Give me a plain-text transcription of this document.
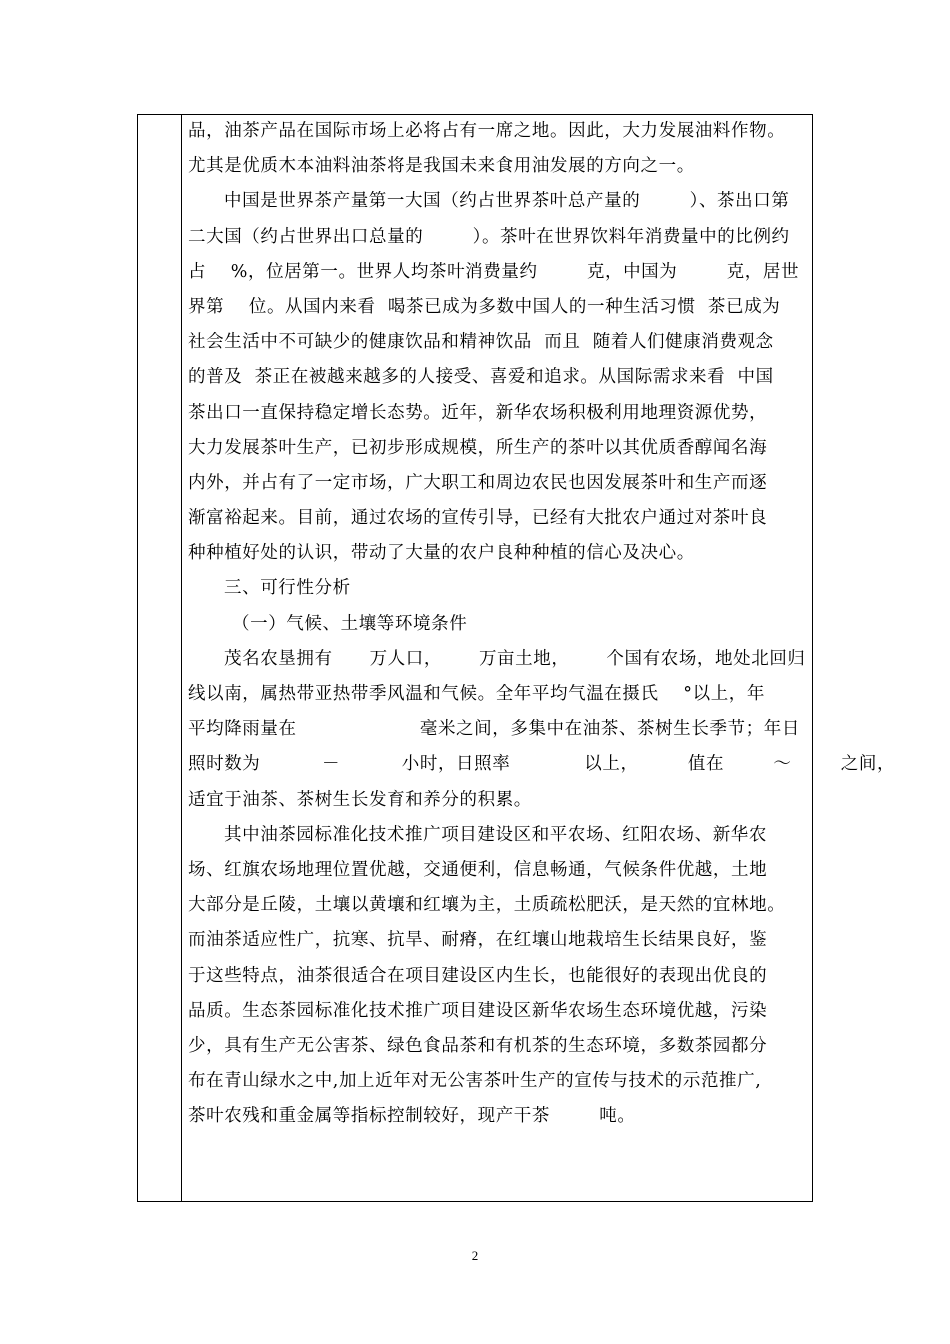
品，油茶产品在国际市场上必将占有一席之地。因此，大力发展油料作物。
尤其是优质木本油料油茶将是我国未来食用油发展的方向之一。
中国是世界茶产量第一大国（约占世界茶叶总产量的        ）、茶出口第
二大国（约占世界出口总量的        ）。茶叶在世界饮料年消费量中的比例约
占    %，位居第一。世界人均茶叶消费量约        克，中国为        克，居世
界第    位。从国内来看  喝茶已成为多数中国人的一种生活习惯  茶已成为
社会生活中不可缺少的健康饮品和精神饮品  而且  随着人们健康消费观念
的普及  茶正在被越来越多的人接受、喜爱和追求。从国际需求来看  中国
茶出口一直保持稳定增长态势。近年，新华农场积极利用地理资源优势，
大力发展茶叶生产，已初步形成规模，所生产的茶叶以其优质香醇闻名海
内外，并占有了一定市场，广大职工和周边农民也因发展茶叶和生产而逐
渐富裕起来。目前，通过农场的宣传引导，已经有大批农户通过对茶叶良
种种植好处的认识，带动了大量的农户良种种植的信心及决心。
三、可行性分析
（一）气候、土壤等环境条件
茂名农垦拥有      万人口，      万亩土地，      个国有农场，地处北回归
线以南，属热带亚热带季风温和气候。全年平均气温在摄氏    °以上，年
平均降雨量在                    毫米之间，多集中在油茶、茶树生长季节；年日
照时数为          －          小时，日照率            以上，        值在        ～        之间，
适宜于油茶、茶树生长发育和养分的积累。
其中油茶园标准化技术推广项目建设区和平农场、红阳农场、新华农
场、红旗农场地理位置优越，交通便利，信息畅通，气候条件优越，土地
大部分是丘陵，土壤以黄壤和红壤为主，土质疏松肥沃，是天然的宜林地。
而油茶适应性广，抗寒、抗旱、耐瘠，在红壤山地栽培生长结果良好，鉴
于这些特点，油茶很适合在项目建设区内生长，也能很好的表现出优良的
品质。生态茶园标准化技术推广项目建设区新华农场生态环境优越，污染
少，具有生产无公害茶、绿色食品茶和有机茶的生态环境，多数茶园都分
布在青山绿水之中,加上近年对无公害茶叶生产的宣传与技术的示范推广,
茶叶农残和重金属等指标控制较好，现产干茶        吨。
2
